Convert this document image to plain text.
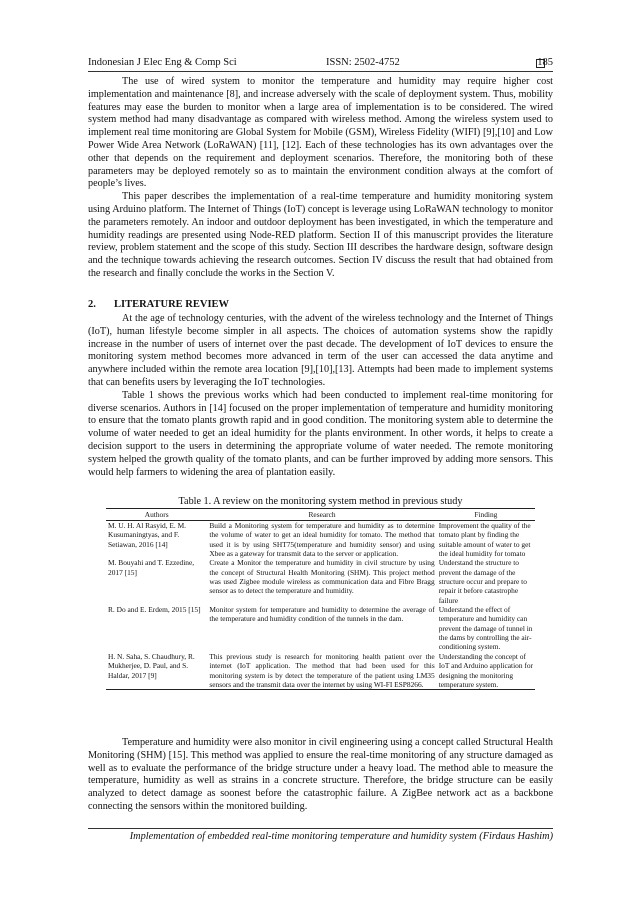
Indonesian J Elec Eng & Comp Sci	ISSN: 2502-4752	185

The use of wired system to monitor the temperature and humidity may require higher cost implementation and maintenance [8], and increase adversely with the scale of deployment system. Thus, mobility features may ease the burden to monitor when a large area of implementation is to be considered. The wired system method had many disadvantage as compared with wireless method. Among the wireless system used to implement real time monitoring are Global System for Mobile (GSM), Wireless Fidelity (WIFI) [9],[10] and Low Power Wide Area Network (LoRaWAN) [11], [12]. Each of these technologies has its own advantages over the other that depends on the requirement and deployment scenarios. Therefore, the monitoring both of these parameters may be deployed remotely so as to maintain the environment condition always at the comfort of people’s lives.

This paper describes the implementation of a real-time temperature and humidity monitoring system using Arduino platform. The Internet of Things (IoT) concept is leverage using LoRaWAN technology to monitor the parameters remotely. An indoor and outdoor deployment has been investigated, in which the temperature and humidity readings are presented using Node-RED platform. Section II of this manuscript provides the literature review, problem statement and the scope of this study. Section III describes the hardware design, software design and the technique towards achieving the research outcomes. Section IV discuss the result that had obtained from the research and finally conclude the works in the Section V.

2. LITERATURE REVIEW

At the age of technology centuries, with the advent of the wireless technology and the Internet of Things (IoT), human lifestyle become simpler in all aspects. The choices of automation systems show the rapidly increase in the number of users of internet over the past decade. The development of IoT devices to ensure the monitoring system method becomes more advanced in term of the user can accessed the data anytime and anywhere included within the remote area location [9],[10],[13]. Attempts had been made to implement systems that can benefits users by leveraging the IoT technologies.

Table 1 shows the previous works which had been conducted to implement real-time monitoring for diverse scenarios. Authors in [14] focused on the proper implementation of temperature and humidity monitoring to ensure that the tomato plants growth rapid and in good condition. The monitoring system able to determine the volume of water needed to get an ideal humidity for the plants environment. In other words, it helps to create a decision support to the users in determining the appropriate volume of water needed. The remote monitoring system helped the growth quality of the tomato plants, and can be further improved by adding more sensors. This would help farmers to widening the area of plantation easily.

Table 1. A review on the monitoring system method in previous study
Authors	Research	Finding
M. U. H. Al Rasyid, E. M. Kusumaningtyas, and F. Setiawan, 2016 [14]	Build a Monitoring system for temperature and humidity as to determine the volume of water to get an ideal humidity for tomato. The method that used it is by using SHT75(temperature and humidity sensor) and using Xbee as a gateway for transmit data to the server or application.	Improvement the quality of the tomato plant by finding the suitable amount of water to get the ideal humidity for tomato
M. Bouyahi and T. Ezzedine, 2017 [15]	Create a Monitor the temperature and humidity in civil structure by using the concept of Structural Health Monitoring (SHM). This project method was used Zigbee module wireless as communication data and Fibre Bragg sensor as to detect the temperature and humidity.	Understand the structure to prevent the damage of the structure occur and prepare to repair it before catastrophe failure
R. Do and E. Erdem, 2015 [15]	Monitor system for temperature and humidity to determine the average of the temperature and humidity condition of the tunnels in the dam.	Understand the effect of temperature and humidity can prevent the damage of tunnel in the dams by controlling the air-conditioning system.
H. N. Saha, S. Chaudhury, R. Mukherjee, D. Paul, and S. Haldar, 2017 [9]	This previous study is research for monitoring health patient over the internet (IoT application. The method that had been used for this monitoring system is by detect the temperature of the patient using LM35 sensors and the transmit data over the internet by using WI-FI ESP8266.	Understanding the concept of IoT and Arduino application for designing the monitoring temperature system.

Temperature and humidity were also monitor in civil engineering using a concept called Structural Health Monitoring (SHM) [15]. This method was applied to ensure the real-time monitoring of any structure damaged as well as to evaluate the performance of the bridge structure under a heavy load. The method able to measure the temperature, humidity as well as strains in a concrete structure. Therefore, the bridge structure can be easily analyzed to detect damage as soonest before the catastrophic failure. A ZigBee network act as a backbone connecting the sensors within the monitored building.

Implementation of embedded real-time monitoring temperature and humidity system (Firdaus Hashim)
